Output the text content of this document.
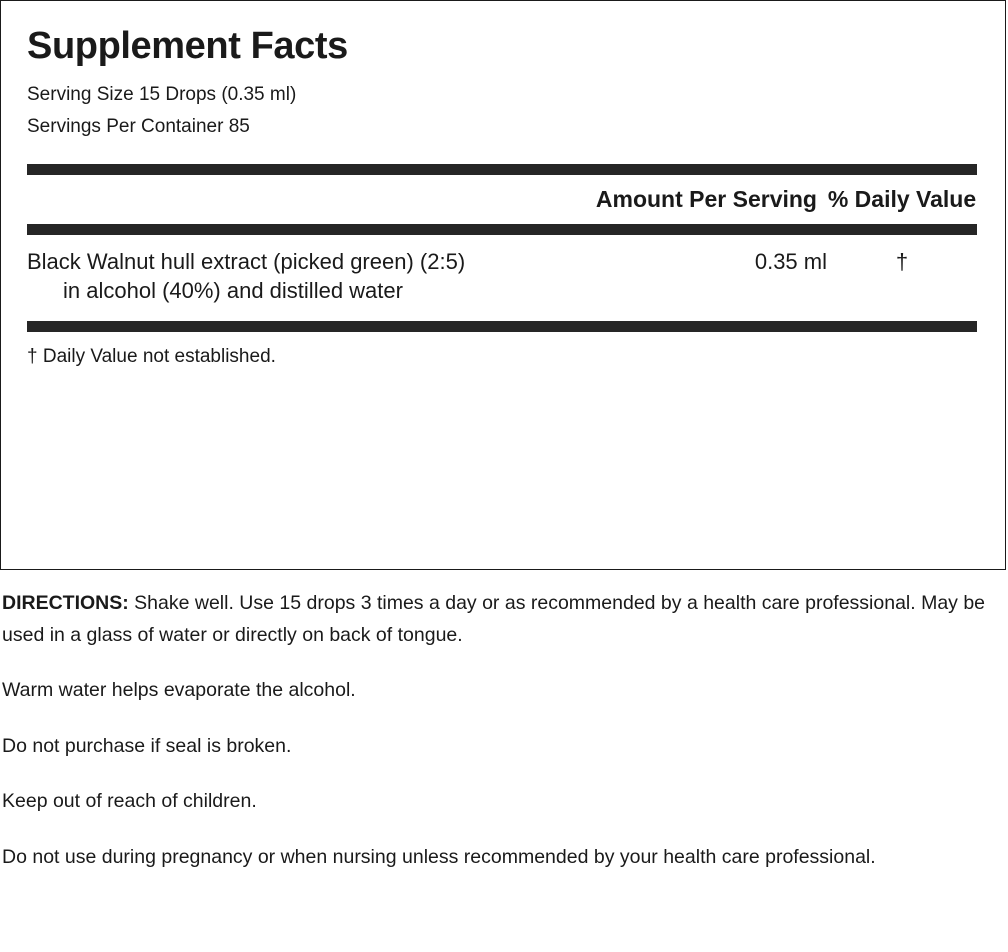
Supplement Facts
Serving Size 15 Drops (0.35 ml)
Servings Per Container 85
Amount Per Serving % Daily Value
Black Walnut hull extract (picked green) (2:5)
in alcohol (40%) and distilled water
0.35 ml	†
† Daily Value not established.

DIRECTIONS: Shake well. Use 15 drops 3 times a day or as recommended by a health care professional. May be used in a glass of water or directly on back of tongue.

Warm water helps evaporate the alcohol.

Do not purchase if seal is broken.

Keep out of reach of children.

Do not use during pregnancy or when nursing unless recommended by your health care professional.
